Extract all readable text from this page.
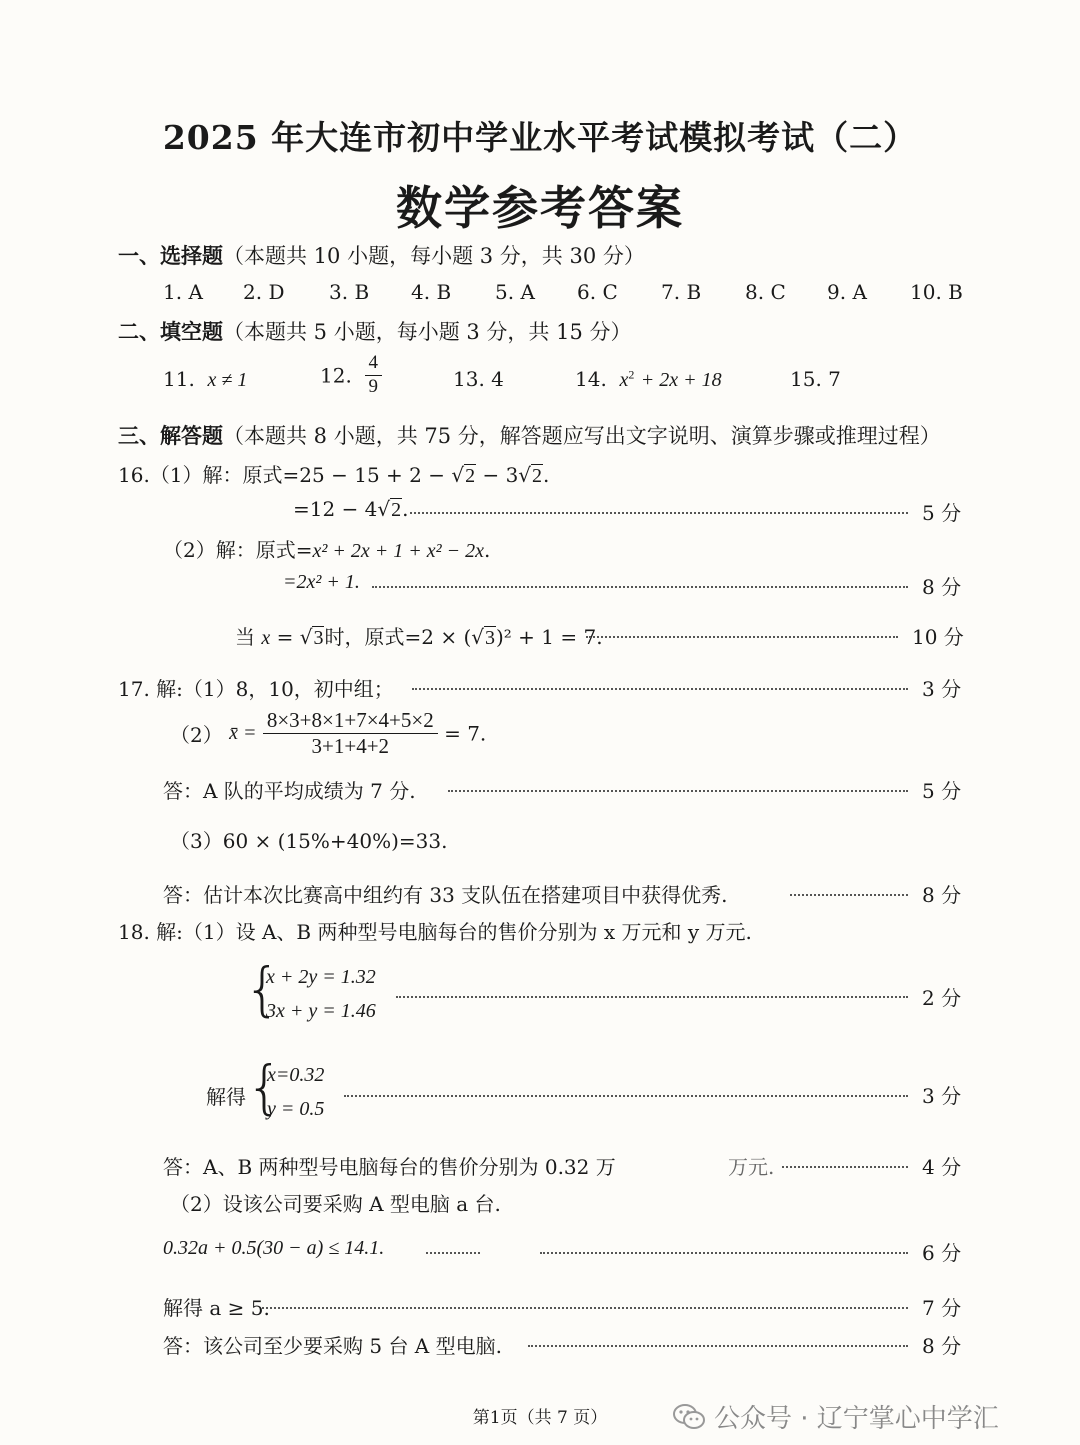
2025 年大连市初中学业水平考试模拟考试（二）
数学参考答案
一、选择题（本题共 10 小题，每小题 3 分，共 30 分）
1. A 2. D 3. B 4. B 5. A 6. C 7. B 8. C 9. A 10. B
二、填空题（本题共 5 小题，每小题 3 分，共 15 分）
11. x ≠ 1	12. $\frac{4}{9}$	13. 4	14. $x^2 + 2x + 18$	15. 7
三、解答题（本题共 8 小题，共 75 分，解答题应写出文字说明、演算步骤或推理过程）
16.（1）解：原式=25 − 15 + 2 − √2 − 3√2.
=12 − 4√2.	5 分
（2）解：原式=x² + 2x + 1 + x² − 2x.
=2x² + 1.	8 分
当 x = √3时，原式=2 × (√3)² + 1 = 7.	10 分
17. 解:（1）8，10，初中组；	3 分
（2） x̄ = $\frac{8\times 3+8\times 1+7\times 4+5\times 2}{3+1+4+2} = 7$.
答：A 队的平均成绩为 7 分.	5 分
（3）60 × (15%+40%)=33.
答：估计本次比赛高中组约有 33 支队伍在搭建项目中获得优秀.	8 分
18. 解:（1）设 A、B 两种型号电脑每台的售价分别为 x 万元和 y 万元.
{
x + 2y = 1.32
3x + y = 1.46
2 分
解得 {
x=0.32
y = 0.5
3 分
答：A、B 两种型号电脑每台的售价分别为 0.32 万	万元.	4 分
（2）设该公司要采购 A 型电脑 a 台.
0.32a + 0.5(30 − a) ≤ 14.1.	6 分
解得 a ≥ 5.	7 分
答：该公司至少要采购 5 台 A 型电脑.	8 分
第1页（共 7 页）	公众号 · 辽宁掌心中学汇
